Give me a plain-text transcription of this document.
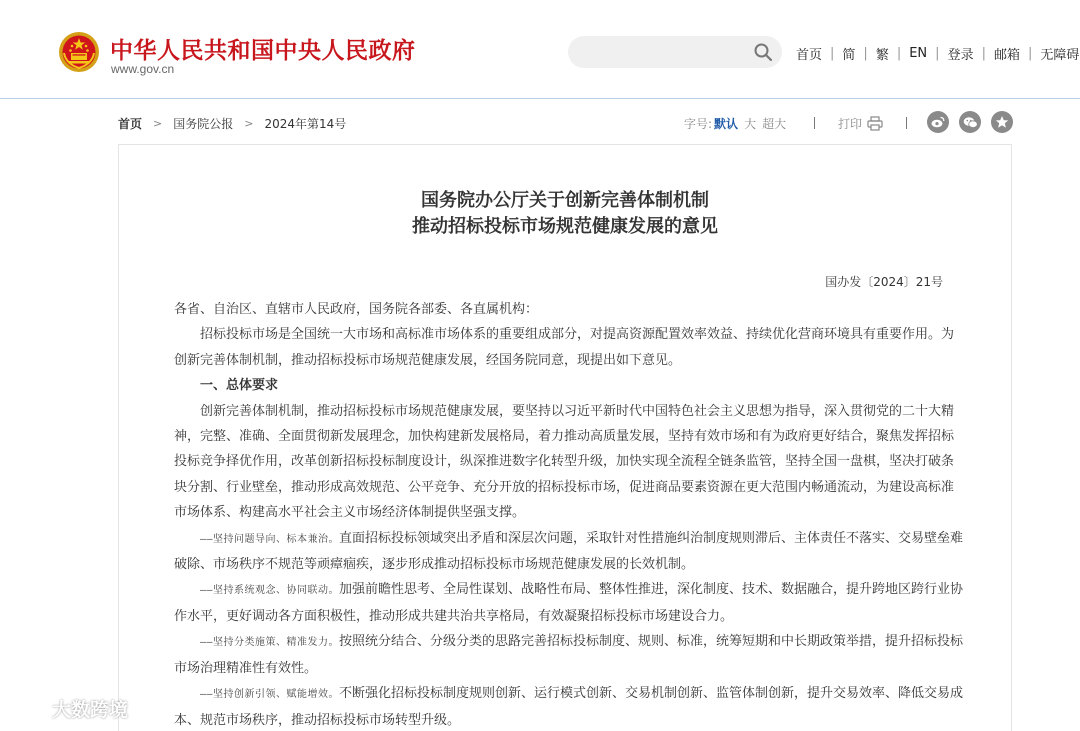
中华人民共和国中央人民政府
www.gov.cn
首页 | 简 | 繁 | EN | 登录 | 邮箱 | 无障碍
首页 > 国务院公报 > 2024年第14号	字号: 默认 大 超大	打印
国务院办公厅关于创新完善体制机制
推动招标投标市场规范健康发展的意见
国办发〔2024〕21号

各省、自治区、直辖市人民政府，国务院各部委、各直属机构：

招标投标市场是全国统一大市场和高标准市场体系的重要组成部分，对提高资源配置效率效益、持续优化营商环境具有重要作用。为创新完善体制机制，推动招标投标市场规范健康发展，经国务院同意，现提出如下意见。

一、总体要求

创新完善体制机制，推动招标投标市场规范健康发展，要坚持以习近平新时代中国特色社会主义思想为指导，深入贯彻党的二十大精神，完整、准确、全面贯彻新发展理念，加快构建新发展格局，着力推动高质量发展，坚持有效市场和有为政府更好结合，聚焦发挥招标投标竞争择优作用，改革创新招标投标制度设计，纵深推进数字化转型升级，加快实现全流程全链条监管，坚持全国一盘棋，坚决打破条块分割、行业壁垒，推动形成高效规范、公平竞争、充分开放的招标投标市场，促进商品要素资源在更大范围内畅通流动，为建设高标准市场体系、构建高水平社会主义市场经济体制提供坚强支撑。

——坚持问题导向、标本兼治。直面招标投标领域突出矛盾和深层次问题，采取针对性措施纠治制度规则滞后、主体责任不落实、交易壁垒难破除、市场秩序不规范等顽瘴痼疾，逐步形成推动招标投标市场规范健康发展的长效机制。

——坚持系统观念、协同联动。加强前瞻性思考、全局性谋划、战略性布局、整体性推进，深化制度、技术、数据融合，提升跨地区跨行业协作水平，更好调动各方面积极性，推动形成共建共治共享格局，有效凝聚招标投标市场建设合力。

——坚持分类施策、精准发力。按照统分结合、分级分类的思路完善招标投标制度、规则、标准，统筹短期和中长期政策举措，提升招标投标市场治理精准性有效性。

——坚持创新引领、赋能增效。不断强化招标投标制度规则创新、运行模式创新、交易机制创新、监管体制创新，提升交易效率、降低交易成本、规范市场秩序，推动招标投标市场转型升级。

大数跨境
